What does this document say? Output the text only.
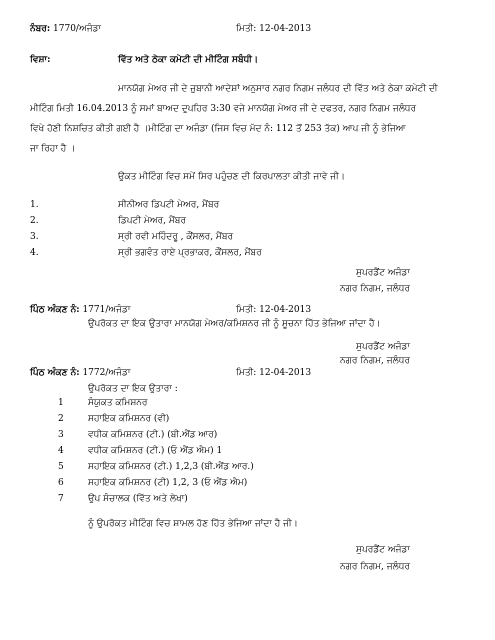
ਨੰਬਰ: 1770/ਅਜੰਡਾ	ਮਿਤੀ: 12-04-2013
ਵਿਸ਼ਾ:	ਵਿੱਤ ਅਤੇ ਠੇਕਾ ਕਮੇਟੀ ਦੀ ਮੀਟਿੰਗ ਸਬੰਧੀ।
ਮਾਨਯੋਗ ਮੇਅਰ ਜੀ ਦੇ ਜ਼ੁਬਾਨੀ ਆਦੇਸ਼ਾਂ ਅਨੁਸਾਰ ਨਗਰ ਨਿਗਮ ਜਲੰਧਰ ਦੀ ਵਿੱਤ ਅਤੇ ਠੇਕਾ ਕਮੇਟੀ ਦੀ
ਮੀਟਿੰਗ ਮਿਤੀ 16.04.2013 ਨੂੰ ਸਮਾਂ ਬਾਅਦ ਦੁਪਹਿਰ 3:30 ਵਜੇ ਮਾਨਯੋਗ ਮੇਅਰ ਜੀ ਦੇ ਦਫਤਰ, ਨਗਰ ਨਿਗਮ ਜਲੰਧਰ
ਵਿਖੇ ਹੋਣੀ ਨਿਸ਼ਚਿਤ ਕੀਤੀ ਗਈ ਹੈ ।ਮੀਟਿੰਗ ਦਾ ਅਜੰਡਾ (ਜਿਸ ਵਿਚ ਮੱਦ ਨੰ: 112 ਤੋਂ 253 ਤੱਕ) ਆਪ ਜੀ ਨੂੰ ਭੇਜਿਆ
ਜਾ ਰਿਹਾ ਹੈ ।
ਉਕਤ ਮੀਟਿੰਗ ਵਿਚ ਸਮੇਂ ਸਿਰ ਪਹੁੰਚਣ ਦੀ ਕਿਰਪਾਲਤਾ ਕੀਤੀ ਜਾਵੇ ਜੀ।
1.	ਸੀਨੀਅਰ ਡਿਪਟੀ ਮੇਅਰ, ਮੈਂਬਰ
2.	ਡਿਪਟੀ ਮੇਅਰ, ਮੈਂਬਰ
3.	ਸ੍ਰੀ ਰਵੀ ਮਹਿੰਦਰੂ , ਕੌਂਸਲਰ, ਮੈਂਬਰ
4.	ਸ੍ਰੀ ਭਗਵੰਤ ਰਾਏ ਪ੍ਰਭਾਕਰ, ਕੌਂਸਲਰ, ਮੈਂਬਰ
ਸੁਪਰਡੈਂਟ ਅਜੰਡਾ
ਨਗਰ ਨਿਗਮ, ਜਲੰਧਰ
ਪਿੰਠ ਅੰਕਣ ਨੰ: 1771/ਅਜੰਡਾ	ਮਿਤੀ: 12-04-2013
ਉਪਰੋਕਤ ਦਾ ਇਕ ਉਤਾਰਾ ਮਾਨਯੋਗ ਮੇਅਰ/ਕਮਿਸ਼ਨਰ ਜੀ ਨੂੰ ਸੂਚਨਾ ਹਿੱਤ ਭੇਜਿਆ ਜਾਂਦਾ ਹੈ।
ਸੁਪਰਡੈਂਟ ਅਜੰਡਾ
ਨਗਰ ਨਿਗਮ, ਜਲੰਧਰ
ਪਿੰਠ ਅੰਕਣ ਨੰ: 1772/ਅਜੰਡਾ	ਮਿਤੀ: 12-04-2013
ਉਪਰੋਕਤ ਦਾ ਇਕ ਉਤਾਰਾ :
1	ਸੰਯੁਕਤ ਕਮਿਸ਼ਨਰ
2	ਸਹਾਇਕ ਕਮਿਸ਼ਨਰ (ਵੀ)
3	ਵਧੀਕ ਕਮਿਸ਼ਨਰ (ਟੀ.) (ਬੀ.ਐਂਡ ਆਰ)
4	ਵਧੀਕ ਕਮਿਸ਼ਨਰ (ਟੀ.) (ਓ ਐਂਡ ਐਮ) 1
5	ਸਹਾਇਕ ਕਮਿਸ਼ਨਰ (ਟੀ.) 1,2,3 (ਬੀ.ਐਂਡ ਆਰ.)
6	ਸਹਾਇਕ ਕਮਿਸ਼ਨਰ (ਟੀ) 1,2, 3 (ਓ ਐਂਡ ਐਮ)
7	ਉਪ ਸੰਚਾਲਕ (ਵਿੱਤ ਅਤੇ ਲੇਖਾ)
ਨੂੰ ਉਪਰੋਕਤ ਮੀਟਿੰਗ ਵਿਚ ਸ਼ਾਮਲ ਹੋਣ ਹਿੱਤ ਭੇਜਿਆ ਜਾਂਦਾ ਹੈ ਜੀ।
ਸੁਪਰਡੈਂਟ ਅਜੰਡਾ
ਨਗਰ ਨਿਗਮ, ਜਲੰਧਰ
